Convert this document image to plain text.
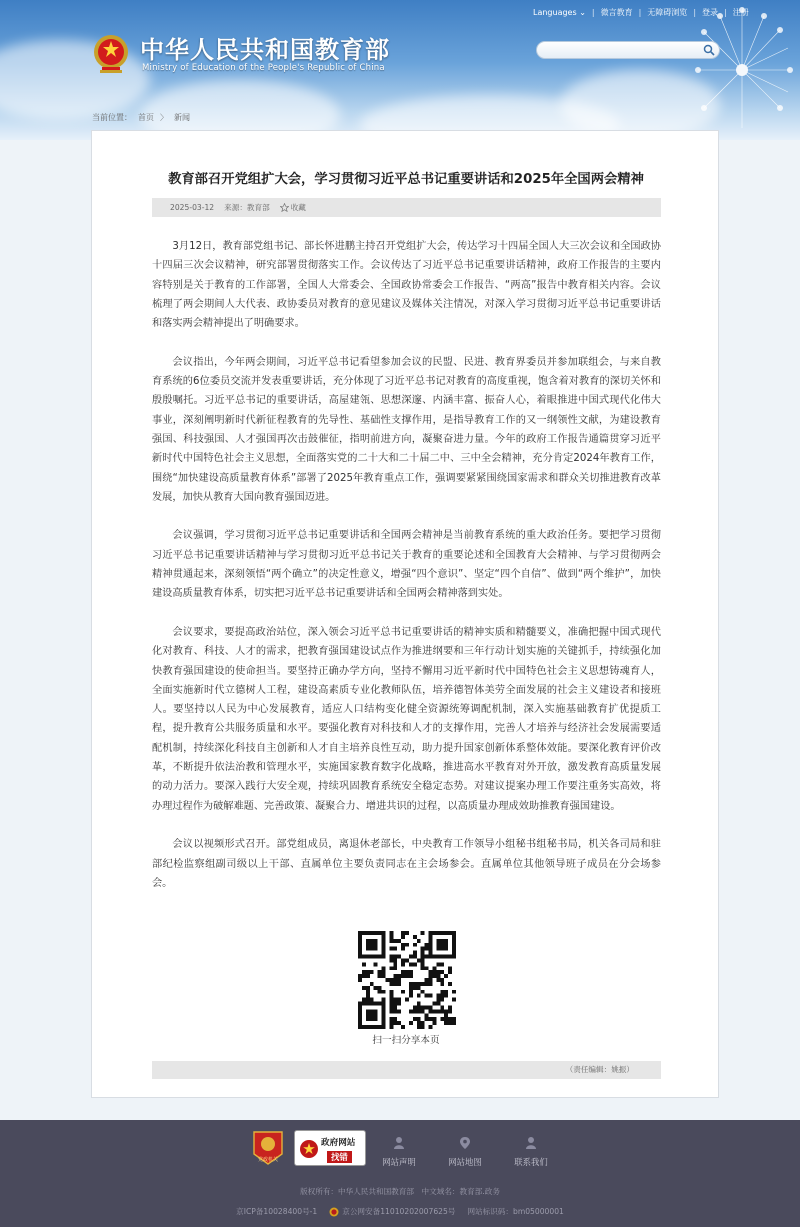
中华人民共和国教育部
Ministry of Education of the People's Republic of China
Languages ⌄ | 微言教育 | 无障碍浏览 | 登录 | 注册
当前位置： 首页 〉 新闻
教育部召开党组扩大会，学习贯彻习近平总书记重要讲话和2025年全国两会精神
2025-03-12 来源：教育部	收藏

3月12日，教育部党组书记、部长怀进鹏主持召开党组扩大会，传达学习十四届全国人大三次会议和全国政协十四届三次会议精神，研究部署贯彻落实工作。会议传达了习近平总书记重要讲话精神，政府工作报告的主要内容特别是关于教育的工作部署，全国人大常委会、全国政协常委会工作报告、“两高”报告中教育相关内容。会议梳理了两会期间人大代表、政协委员对教育的意见建议及媒体关注情况，对深入学习贯彻习近平总书记重要讲话和落实两会精神提出了明确要求。

会议指出，今年两会期间，习近平总书记看望参加会议的民盟、民进、教育界委员并参加联组会，与来自教育系统的6位委员交流并发表重要讲话，充分体现了习近平总书记对教育的高度重视，饱含着对教育的深切关怀和殷殷嘱托。习近平总书记的重要讲话，高屋建瓴、思想深邃、内涵丰富、振奋人心，着眼推进中国式现代化伟大事业，深刻阐明新时代新征程教育的先导性、基础性支撑作用，是指导教育工作的又一纲领性文献，为建设教育强国、科技强国、人才强国再次击鼓催征，指明前进方向，凝聚奋进力量。今年的政府工作报告通篇贯穿习近平新时代中国特色社会主义思想，全面落实党的二十大和二十届二中、三中全会精神，充分肯定2024年教育工作，围绕“加快建设高质量教育体系”部署了2025年教育重点工作，强调要紧紧围绕国家需求和群众关切推进教育改革发展，加快从教育大国向教育强国迈进。

会议强调，学习贯彻习近平总书记重要讲话和全国两会精神是当前教育系统的重大政治任务。要把学习贯彻习近平总书记重要讲话精神与学习贯彻习近平总书记关于教育的重要论述和全国教育大会精神、与学习贯彻两会精神贯通起来，深刻领悟“两个确立”的决定性意义，增强“四个意识”、坚定“四个自信”、做到“两个维护”，加快建设高质量教育体系，切实把习近平总书记重要讲话和全国两会精神落到实处。

会议要求，要提高政治站位，深入领会习近平总书记重要讲话的精神实质和精髓要义，准确把握中国式现代化对教育、科技、人才的需求，把教育强国建设试点作为推进纲要和三年行动计划实施的关键抓手，持续强化加快教育强国建设的使命担当。要坚持正确办学方向，坚持不懈用习近平新时代中国特色社会主义思想铸魂育人，全面实施新时代立德树人工程，建设高素质专业化教师队伍，培养德智体美劳全面发展的社会主义建设者和接班人。要坚持以人民为中心发展教育，适应人口结构变化健全资源统筹调配机制，深入实施基础教育扩优提质工程，提升教育公共服务质量和水平。要强化教育对科技和人才的支撑作用，完善人才培养与经济社会发展需要适配机制，持续深化科技自主创新和人才自主培养良性互动，助力提升国家创新体系整体效能。要深化教育评价改革，不断提升依法治教和管理水平，实施国家教育数字化战略，推进高水平教育对外开放，激发教育高质量发展的动力活力。要深入践行大安全观，持续巩固教育系统安全稳定态势。对建议提案办理工作要注重务实高效，将办理过程作为破解难题、完善政策、凝聚合力、增进共识的过程，以高质量办理成效助推教育强国建设。

会议以视频形式召开。部党组成员，离退休老部长，中央教育工作领导小组秘书组秘书局，机关各司局和驻部纪检监察组副司级以上干部、直属单位主要负责同志在主会场参会。直属单位其他领导班子成员在分会场参会。

扫一扫分享本页
（责任编辑：姚振）
党政机关
政府网站
找错	网站声明	网站地图	联系我们
版权所有：中华人民共和国教育部　中文域名：教育部.政务
京ICP备10028400号-1	京公网安备11010202007625号 网站标识码：bm05000001
